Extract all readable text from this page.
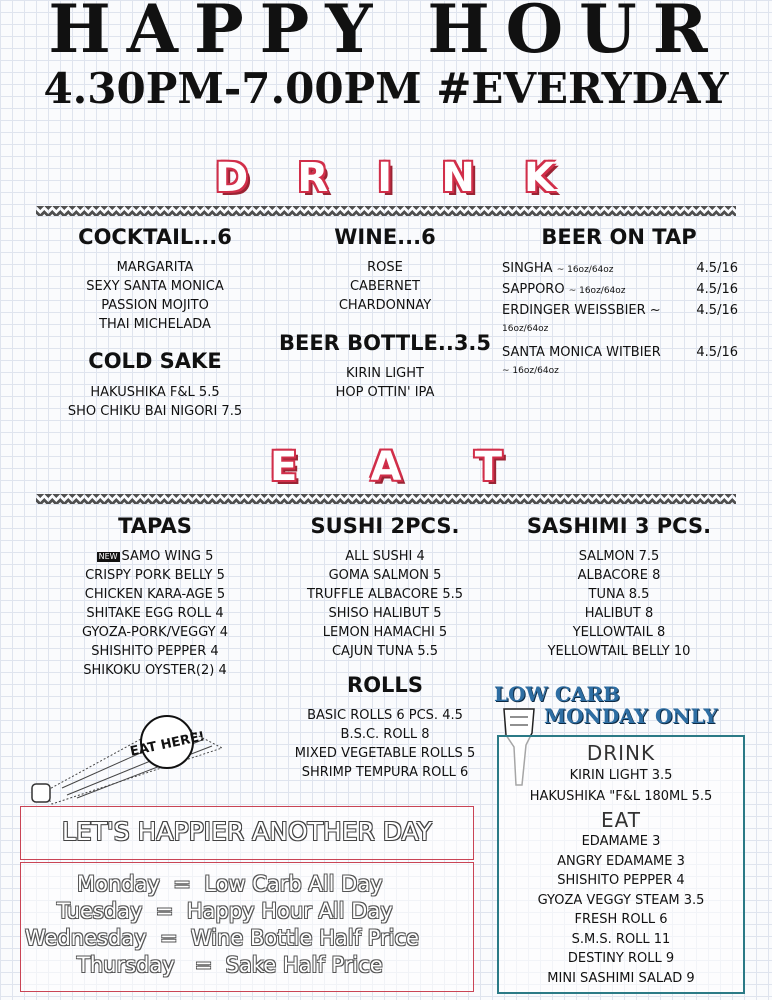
HAPPY HOUR
4.30PM-7.00PM #EVERYDAY
D R I N K
COCKTAIL...6
MARGARITA
SEXY SANTA MONICA
PASSION MOJITO
THAI MICHELADA
COLD SAKE
HAKUSHIKA F&L 5.5
SHO CHIKU BAI NIGORI 7.5
WINE...6
ROSE
CABERNET
CHARDONNAY
BEER BOTTLE..3.5
KIRIN LIGHT
HOP OTTIN' IPA
BEER ON TAP
SINGHA ~ 16oz/64oz	4.5/16
SAPPORO ~ 16oz/64oz	4.5/16
ERDINGER WEISSBIER ~
16oz/64oz
4.5/16
SANTA MONICA WITBIER ~ 16oz/64oz
4.5/16
E A T
TAPAS
NEW SAMO WING 5
CRISPY PORK BELLY 5
CHICKEN KARA-AGE 5
SHITAKE EGG ROLL 4
GYOZA-PORK/VEGGY 4
SHISHITO PEPPER 4
SHIKOKU OYSTER(2) 4
SUSHI 2PCS.
ALL SUSHI 4
GOMA SALMON 5
TRUFFLE ALBACORE 5.5
SHISO HALIBUT 5
LEMON HAMACHI 5
CAJUN TUNA 5.5
SASHIMI 3 PCS.
SALMON 7.5
ALBACORE 8
TUNA 8.5
HALIBUT 8
YELLOWTAIL 8
YELLOWTAIL BELLY 10
ROLLS
BASIC ROLLS 6 PCS. 4.5
B.S.C. ROLL 8
MIXED VEGETABLE ROLLS 5
SHRIMP TEMPURA ROLL 6
EAT HERE!
LOW CARB
MONDAY ONLY
DRINK
KIRIN LIGHT 3.5
HAKUSHIKA "F&L 180ML 5.5
EAT
EDAMAME 3
ANGRY EDAMAME 3
SHISHITO PEPPER 4
GYOZA VEGGY STEAM 3.5
FRESH ROLL 6
S.M.S. ROLL 11
DESTINY ROLL 9
MINI SASHIMI SALAD 9
LET'S HAPPIER ANOTHER DAY
Monday = Low Carb All Day
Tuesday = Happy Hour All Day
Wednesday = Wine Bottle Half Price
Thursday = Sake Half Price
